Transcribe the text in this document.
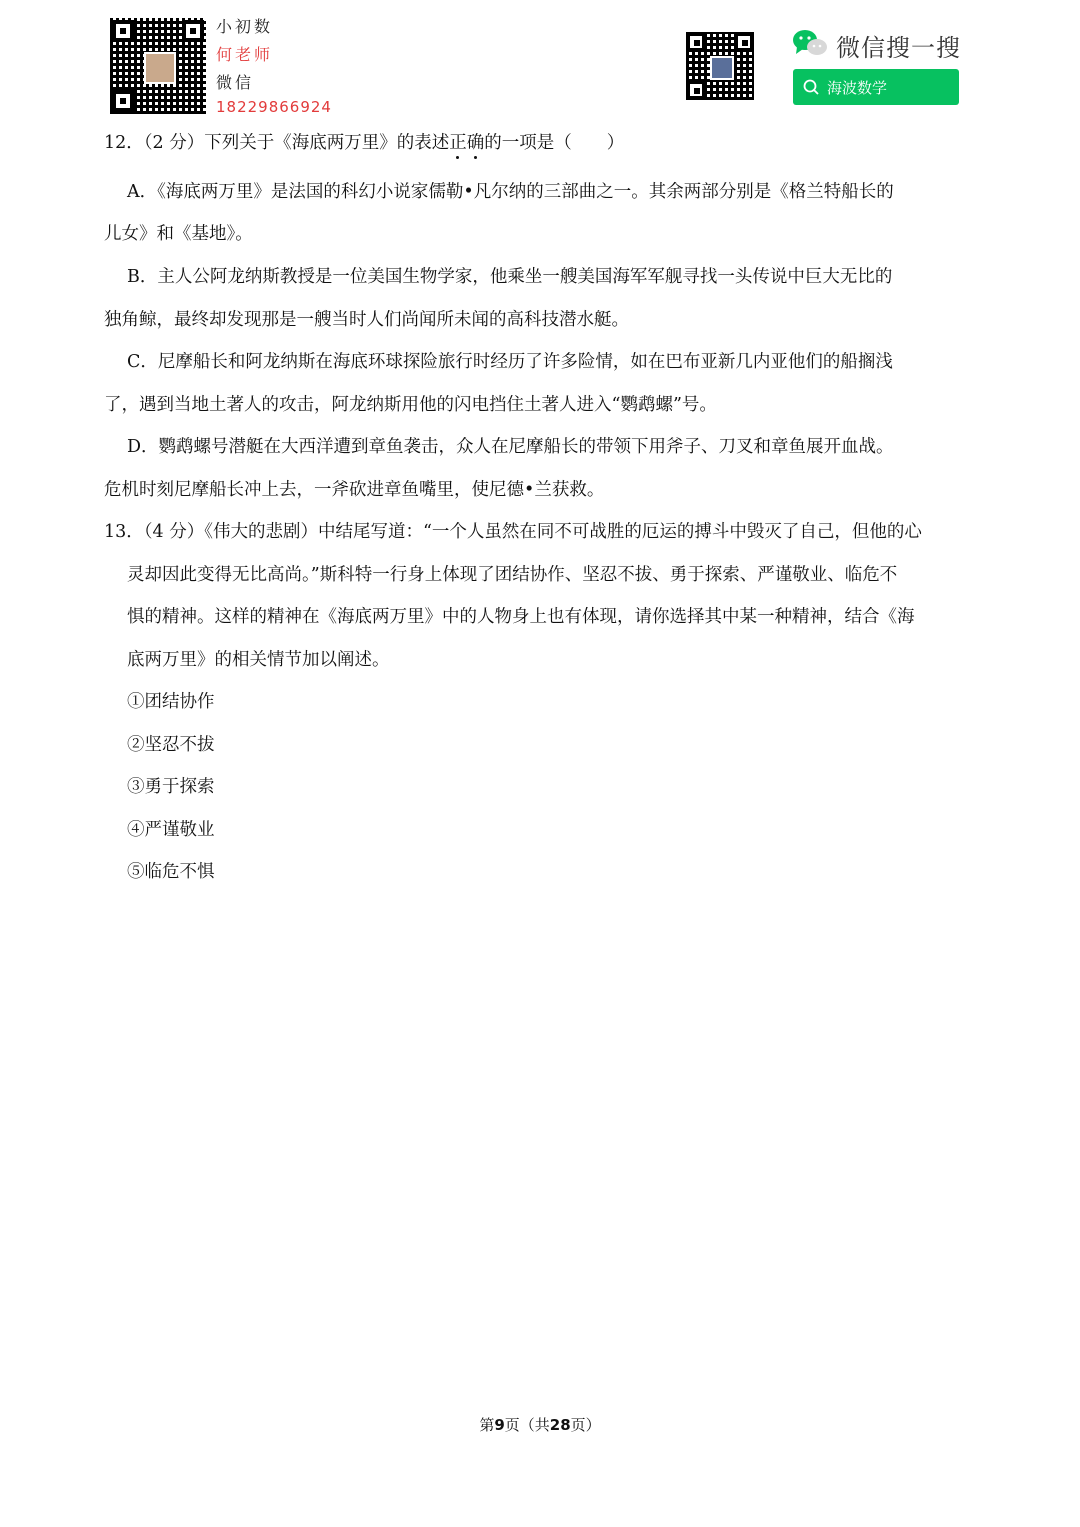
小初数
何老师
微信
18229866924
微信搜一搜
海波数学
12．（2 分）下列关于《海底两万里》的表述正确的一项是（　　）
A．《海底两万里》是法国的科幻小说家儒勒•凡尔纳的三部曲之一。其余两部分别是《格兰特船长的
儿女》和《基地》。
B．主人公阿龙纳斯教授是一位美国生物学家，他乘坐一艘美国海军军舰寻找一头传说中巨大无比的
独角鲸，最终却发现那是一艘当时人们尚闻所未闻的高科技潜水艇。
C．尼摩船长和阿龙纳斯在海底环球探险旅行时经历了许多险情，如在巴布亚新几内亚他们的船搁浅
了，遇到当地土著人的攻击，阿龙纳斯用他的闪电挡住土著人进入“鹦鹉螺”号。
D．鹦鹉螺号潜艇在大西洋遭到章鱼袭击，众人在尼摩船长的带领下用斧子、刀叉和章鱼展开血战。
危机时刻尼摩船长冲上去，一斧砍进章鱼嘴里，使尼德•兰获救。
13．（4 分）《伟大的悲剧）中结尾写道：“一个人虽然在同不可战胜的厄运的搏斗中毁灭了自己，但他的心
灵却因此变得无比高尚。”斯科特一行身上体现了团结协作、坚忍不拔、勇于探索、严谨敬业、临危不
惧的精神。这样的精神在《海底两万里》中的人物身上也有体现，请你选择其中某一种精神，结合《海
底两万里》的相关情节加以阐述。
①团结协作
②坚忍不拔
③勇于探索
④严谨敬业
⑤临危不惧
第9页（共28页）
